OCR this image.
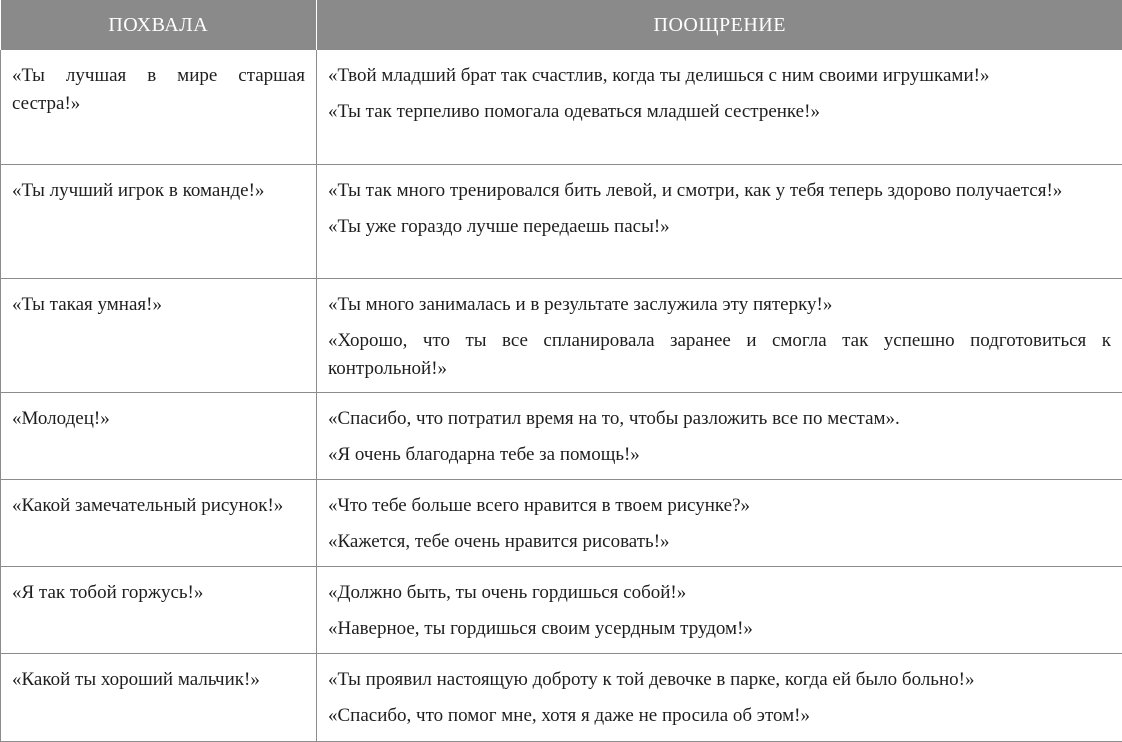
ПОХВАЛА	ПООЩРЕНИЕ
«Ты лучшая в мире старшая сестра!»	«Твой младший брат так счастлив, когда ты делишься с ним своими игрушками!»
«Ты так терпеливо помогала одеваться младшей сестренке!»

«Ты лучший игрок в команде!»	«Ты так много тренировался бить левой, и смотри, как у тебя теперь здорово получается!»
«Ты уже гораздо лучше передаешь пасы!»

«Ты такая умная!»	«Ты много занималась и в результате заслужила эту пятерку!»
«Хорошо, что ты все спланировала заранее и смогла так успешно подготовиться к контрольной!»

«Молодец!»	«Спасибо, что потратил время на то, чтобы разложить все по местам».
«Я очень благодарна тебе за помощь!»

«Какой замечательный рисунок!»	«Что тебе больше всего нравится в твоем рисунке?»
«Кажется, тебе очень нравится рисовать!»

«Я так тобой горжусь!»	«Должно быть, ты очень гордишься собой!»
«Наверное, ты гордишься своим усердным трудом!»

«Какой ты хороший мальчик!»	«Ты проявил настоящую доброту к той девочке в парке, когда ей было больно!»
«Спасибо, что помог мне, хотя я даже не просила об этом!»
